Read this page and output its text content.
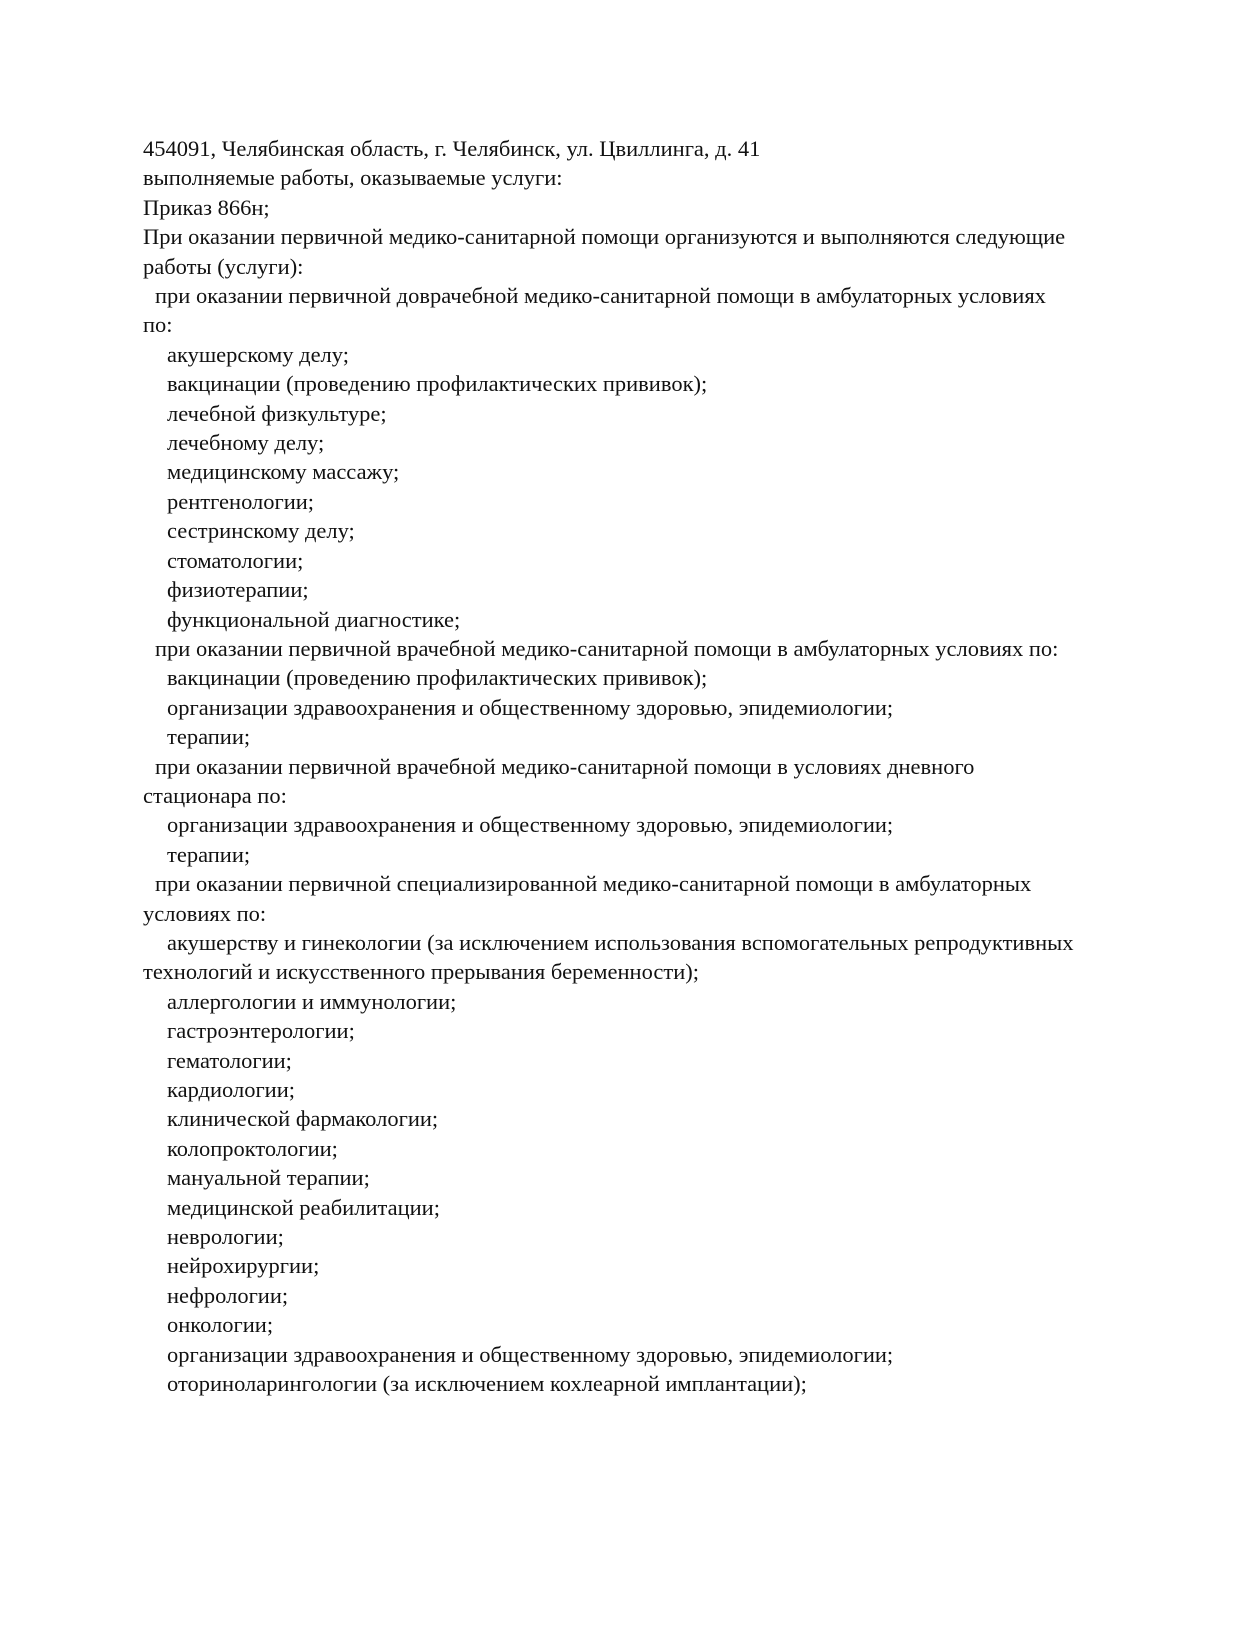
454091, Челябинская область, г. Челябинск, ул. Цвиллинга, д. 41
выполняемые работы, оказываемые услуги:
Приказ 866н;
При оказании первичной медико-санитарной помощи организуются и выполняются следующие
работы (услуги):
при оказании первичной доврачебной медико-санитарной помощи в амбулаторных условиях
по:
акушерскому делу;
вакцинации (проведению профилактических прививок);
лечебной физкультуре;
лечебному делу;
медицинскому массажу;
рентгенологии;
сестринскому делу;
стоматологии;
физиотерапии;
функциональной диагностике;
при оказании первичной врачебной медико-санитарной помощи в амбулаторных условиях по:
вакцинации (проведению профилактических прививок);
организации здравоохранения и общественному здоровью, эпидемиологии;
терапии;
при оказании первичной врачебной медико-санитарной помощи в условиях дневного
стационара по:
организации здравоохранения и общественному здоровью, эпидемиологии;
терапии;
при оказании первичной специализированной медико-санитарной помощи в амбулаторных
условиях по:
акушерству и гинекологии (за исключением использования вспомогательных репродуктивных
технологий и искусственного прерывания беременности);
аллергологии и иммунологии;
гастроэнтерологии;
гематологии;
кардиологии;
клинической фармакологии;
колопроктологии;
мануальной терапии;
медицинской реабилитации;
неврологии;
нейрохирургии;
нефрологии;
онкологии;
организации здравоохранения и общественному здоровью, эпидемиологии;
оториноларингологии (за исключением кохлеарной имплантации);
